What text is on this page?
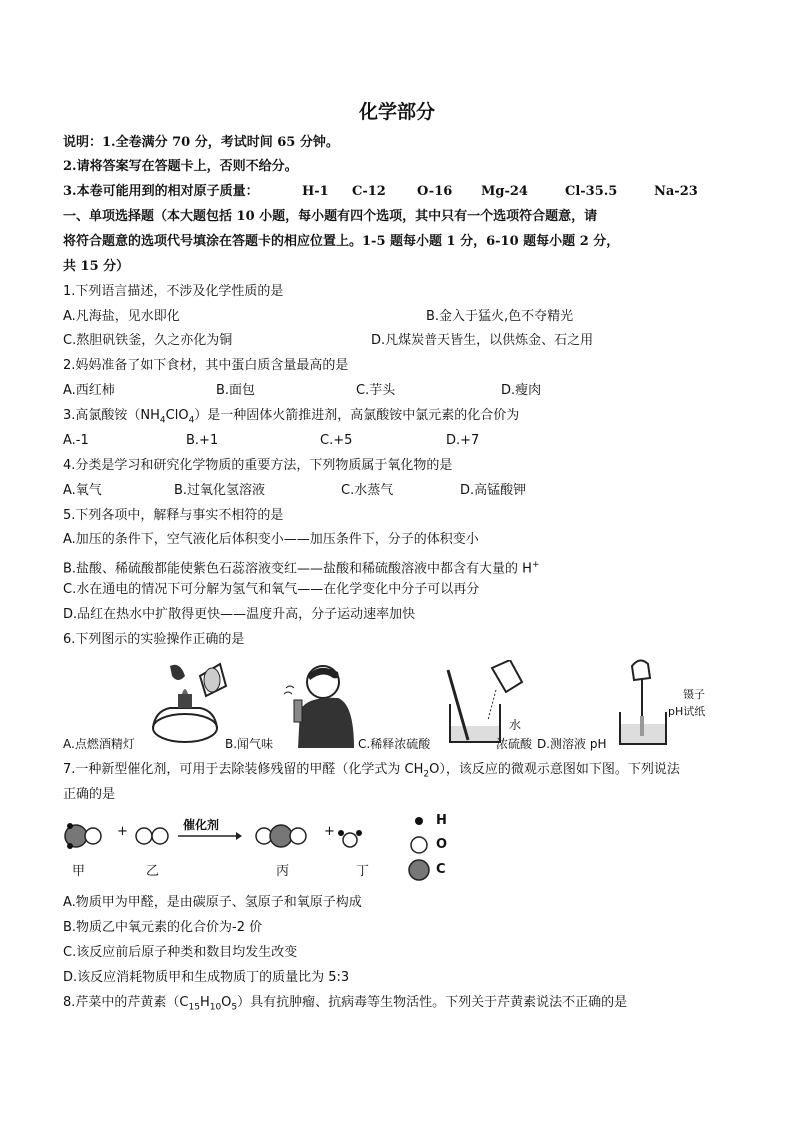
化学部分
说明：1.全卷满分 70 分，考试时间 65 分钟。
2.请将答案写在答题卡上，否则不给分。
3.本卷可能用到的相对原子质量：	H-1 C-12 O-16 Mg-24	Cl-35.5	Na-23
一、单项选择题（本大题包括 10 小题，每小题有四个选项，其中只有一个选项符合题意，请
将符合题意的选项代号填涂在答题卡的相应位置上。1-5 题每小题 1 分，6-10 题每小题 2 分，
共 15 分）
1.下列语言描述，不涉及化学性质的是
A.凡海盐，见水即化	B.金入于猛火,色不夺精光
C.熬胆矾铁釜，久之亦化为铜	D.凡煤炭普天皆生，以供炼金、石之用
2.妈妈准备了如下食材，其中蛋白质含量最高的是
A.西红柿	B.面包	C.芋头	D.瘦肉
3.高氯酸铵$(NH_4ClO_4)$是一种固体火箭推进剂，高氯酸铵中氯元素的化合价为
A.-1	B.+1	C.+5	D.+7
4.分类是学习和研究化学物质的重要方法，下列物质属于氧化物的是
A.氧气	B.过氧化氢溶液	C.水蒸气	D.高锰酸钾
5.下列各项中，解释与事实不相符的是
A.加压的条件下，空气液化后体积变小——加压条件下，分子的体积变小
B.盐酸、稀硫酸都能使紫色石蕊溶液变红——盐酸和稀硫酸溶液中都含有大量的 H+
C.水在通电的情况下可分解为氢气和氧气——在化学变化中分子可以再分
D.品红在热水中扩散得更快——温度升高，分子运动速率加快
6.下列图示的实验操作正确的是
A.点燃酒精灯	B.闻气味
水
C.稀释浓硫酸	浓硫酸
镊子
pH试纸
D.测溶液 pH
7.一种新型催化剂，可用于去除装修残留的甲醛（化学式为 $CH_2O$），该反应的微观示意图如下图。下列说法
正确的是
+	+
催化剂
甲	乙	丙	丁
H
O
C
A.物质甲为甲醛，是由碳原子、氢原子和氧原子构成
B.物质乙中氧元素的化合价为-2 价
C.该反应前后原子种类和数目均发生改变
D.该反应消耗物质甲和生成物质丁的质量比为 5:3
8.芹菜中的芹黄素$(C_{15}H_{10}O_5)$具有抗肿瘤、抗病毒等生物活性。下列关于芹黄素说法不正确的是
